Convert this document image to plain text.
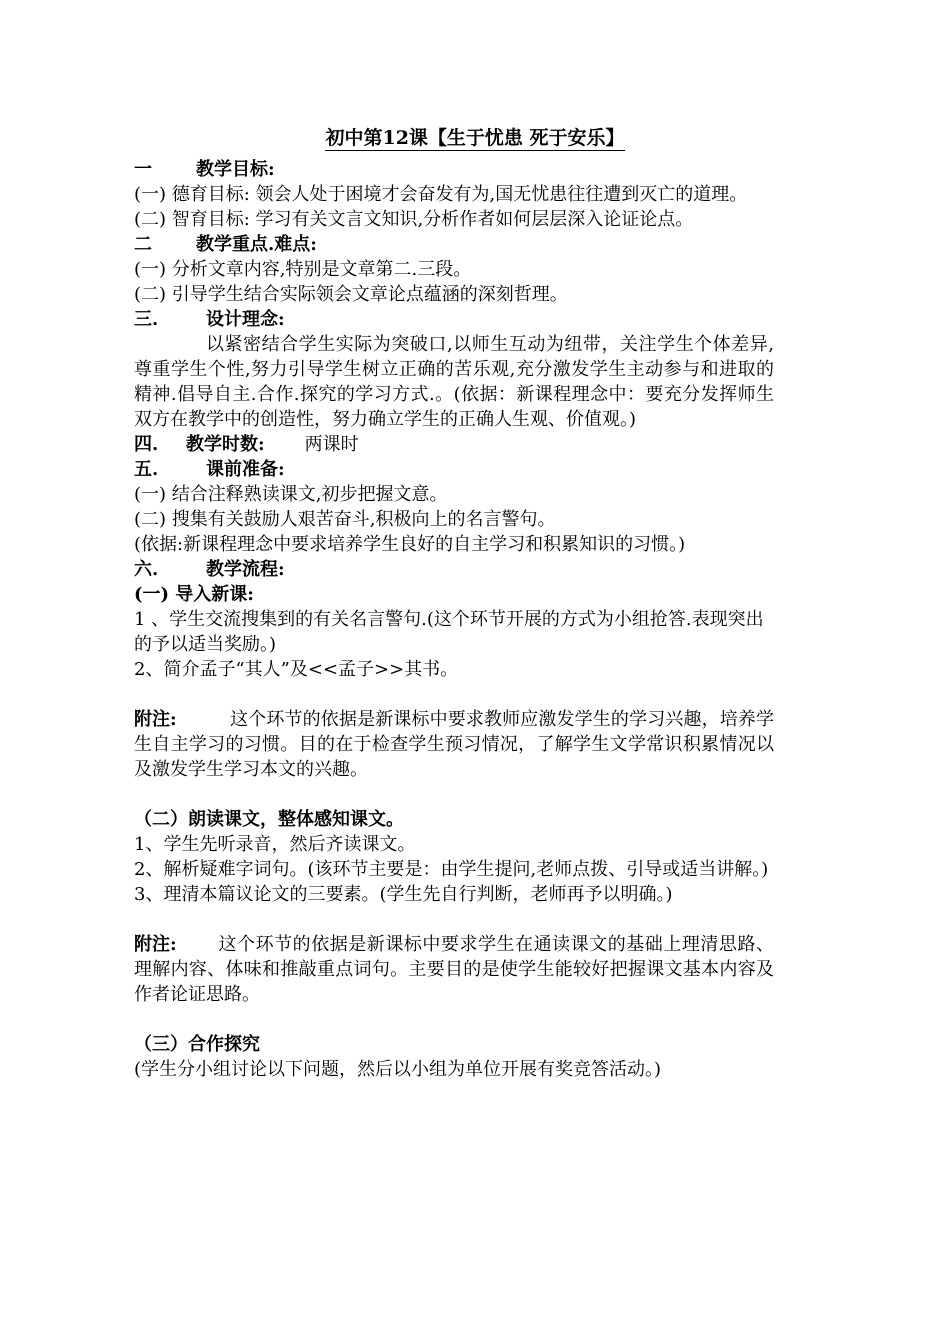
初中第12课【生于忧患 死于安乐】
一 教学目标:
(一) 德育目标: 领会人处于困境才会奋发有为,国无忧患往往遭到灭亡的道理。
(二) 智育目标: 学习有关文言文知识,分析作者如何层层深入论证论点。
二 教学重点.难点:
(一) 分析文章内容,特别是文章第二.三段。
(二) 引导学生结合实际领会文章论点蕴涵的深刻哲理。
三.	设计理念:
以紧密结合学生实际为突破口,以师生互动为纽带，关注学生个体差异,尊重学生个性,努力引导学生树立正确的苦乐观,充分激发学生主动参与和进取的精神.倡导自主.合作.探究的学习方式.。(依据：新课程理念中：要充分发挥师生双方在教学中的创造性，努力确立学生的正确人生观、价值观。)
四. 教学时数: 两课时
五.	课前准备:
(一) 结合注释熟读课文,初步把握文意。
(二) 搜集有关鼓励人艰苦奋斗,积极向上的名言警句。
(依据:新课程理念中要求培养学生良好的自主学习和积累知识的习惯。)
六.	教学流程:
(一) 导入新课:
1 、学生交流搜集到的有关名言警句.(这个环节开展的方式为小组抢答.表现突出的予以适当奖励。)
2、简介孟子“其人”及<<孟子>>其书。
附注:	这个环节的依据是新课标中要求教师应激发学生的学习兴趣，培养学生自主学习的习惯。目的在于检查学生预习情况，了解学生文学常识积累情况以及激发学生学习本文的兴趣。
（二）朗读课文，整体感知课文。
1、学生先听录音，然后齐读课文。
2、解析疑难字词句。(该环节主要是：由学生提问,老师点拨、引导或适当讲解。)
3、理清本篇议论文的三要素。(学生先自行判断，老师再予以明确。)
附注: 这个环节的依据是新课标中要求学生在通读课文的基础上理清思路、理解内容、体味和推敲重点词句。主要目的是使学生能较好把握课文基本内容及作者论证思路。
（三）合作探究
(学生分小组讨论以下问题，然后以小组为单位开展有奖竞答活动。)
